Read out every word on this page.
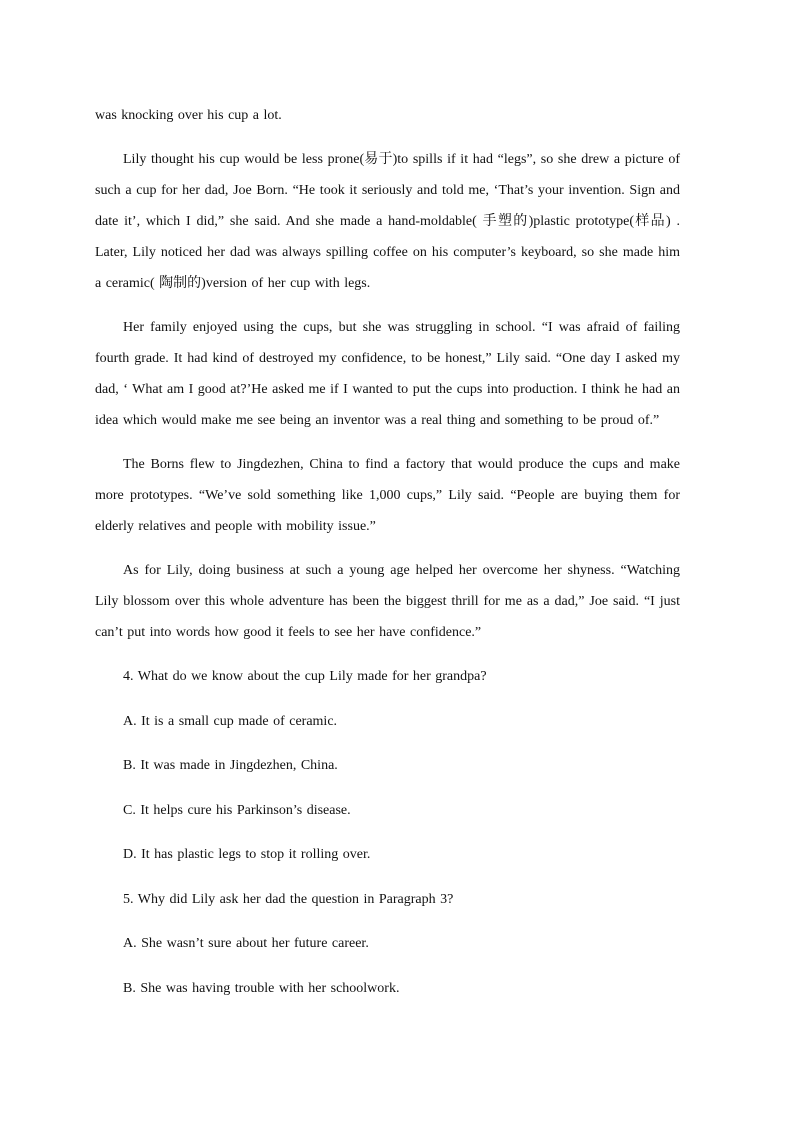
was knocking over his cup a lot.

Lily thought his cup would be less prone(易于)to spills if it had “legs”, so she drew a picture of such a cup for her dad, Joe Born. “He took it seriously and told me, ‘That’s your invention. Sign and date it’, which I did,” she said. And she made a hand-moldable( 手塑的)plastic prototype(样品) . Later, Lily noticed her dad was always spilling coffee on his computer’s keyboard, so she made him a ceramic( 陶制的)version of her cup with legs.

Her family enjoyed using the cups, but she was struggling in school. “I was afraid of failing fourth grade. It had kind of destroyed my confidence, to be honest,” Lily said. “One day I asked my dad, ‘ What am I good at?’He asked me if I wanted to put the cups into production. I think he had an idea which would make me see being an inventor was a real thing and something to be proud of.”

The Borns flew to Jingdezhen, China to find a factory that would produce the cups and make more prototypes. “We’ve sold something like 1,000 cups,” Lily said. “People are buying them for elderly relatives and people with mobility issue.”

As for Lily, doing business at such a young age helped her overcome her shyness. “Watching Lily blossom over this whole adventure has been the biggest thrill for me as a dad,” Joe said. “I just can’t put into words how good it feels to see her have confidence.”

4. What do we know about the cup Lily made for her grandpa?

A. It is a small cup made of ceramic.

B. It was made in Jingdezhen, China.

C. It helps cure his Parkinson’s disease.

D. It has plastic legs to stop it rolling over.

5. Why did Lily ask her dad the question in Paragraph 3?

A. She wasn’t sure about her future career.

B. She was having trouble with her schoolwork.
